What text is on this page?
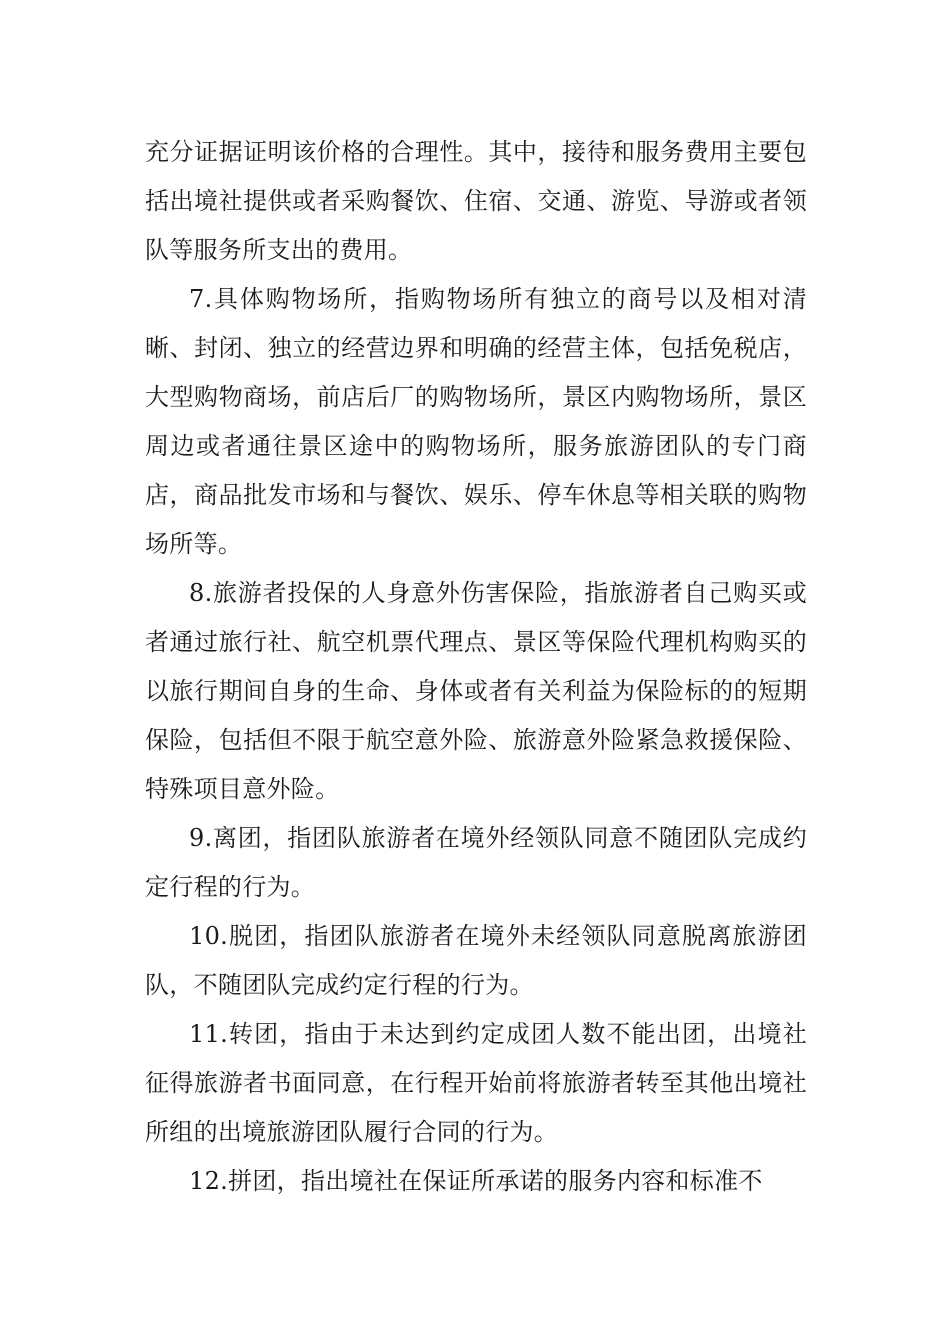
充分证据证明该价格的合理性。其中，接待和服务费用主要包括出境社提供或者采购餐饮、住宿、交通、游览、导游或者领队等服务所支出的费用。

7.具体购物场所，指购物场所有独立的商号以及相对清晰、封闭、独立的经营边界和明确的经营主体，包括免税店，大型购物商场，前店后厂的购物场所，景区内购物场所，景区周边或者通往景区途中的购物场所，服务旅游团队的专门商店，商品批发市场和与餐饮、娱乐、停车休息等相关联的购物场所等。

8.旅游者投保的人身意外伤害保险，指旅游者自己购买或者通过旅行社、航空机票代理点、景区等保险代理机构购买的以旅行期间自身的生命、身体或者有关利益为保险标的的短期保险，包括但不限于航空意外险、旅游意外险紧急救援保险、特殊项目意外险。

9.离团，指团队旅游者在境外经领队同意不随团队完成约定行程的行为。

10.脱团，指团队旅游者在境外未经领队同意脱离旅游团队，不随团队完成约定行程的行为。

11.转团，指由于未达到约定成团人数不能出团，出境社征得旅游者书面同意，在行程开始前将旅游者转至其他出境社所组的出境旅游团队履行合同的行为。

12.拼团，指出境社在保证所承诺的服务内容和标准不
